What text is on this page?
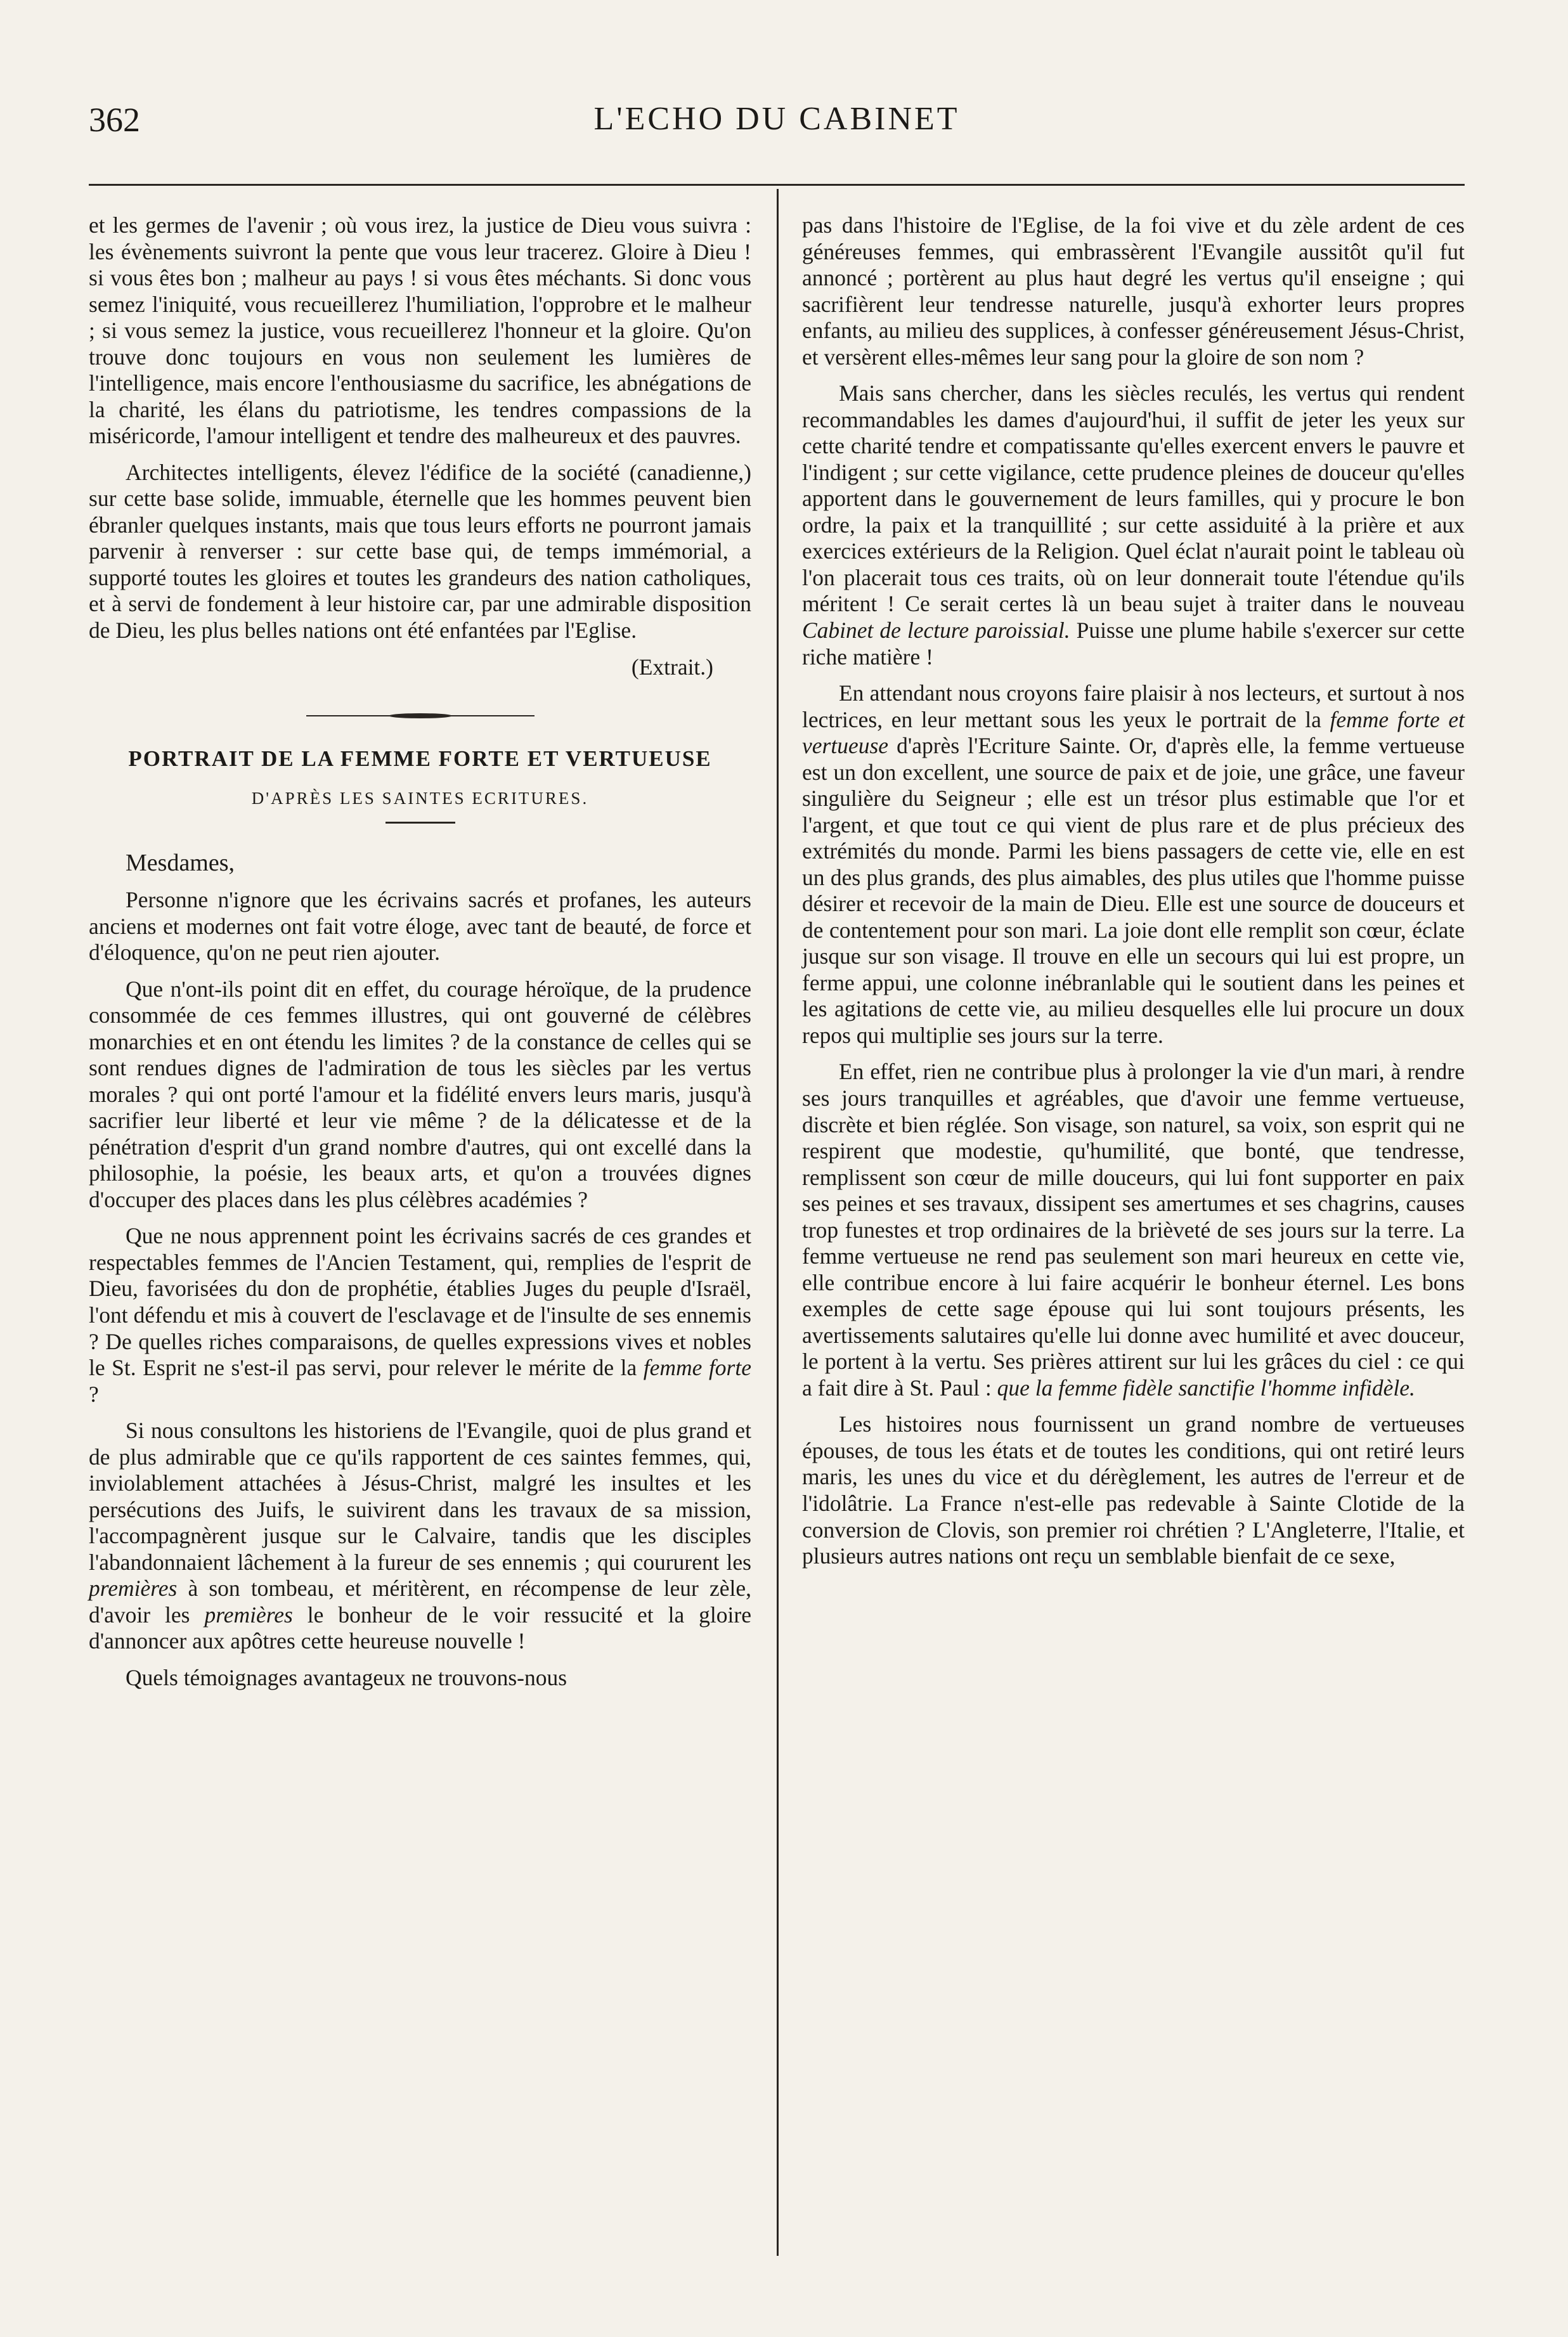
362	L'ECHO DU CABINET

et les germes de l'avenir ; où vous irez, la justice de Dieu vous suivra : les évènements suivront la pente que vous leur tracerez. Gloire à Dieu ! si vous êtes bon ; malheur au pays ! si vous êtes méchants. Si donc vous semez l'iniquité, vous recueillerez l'humiliation, l'opprobre et le malheur ; si vous semez la justice, vous recueillerez l'honneur et la gloire. Qu'on trouve donc toujours en vous non seulement les lumières de l'intelligence, mais encore l'enthousiasme du sacrifice, les abnégations de la charité, les élans du patriotisme, les tendres compassions de la miséricorde, l'amour intelligent et tendre des malheureux et des pauvres.

Architectes intelligents, élevez l'édifice de la société (canadienne,) sur cette base solide, immuable, éternelle que les hommes peuvent bien ébranler quelques instants, mais que tous leurs efforts ne pourront jamais parvenir à renverser : sur cette base qui, de temps immémorial, a supporté toutes les gloires et toutes les grandeurs des nation catholiques, et à servi de fondement à leur histoire car, par une admirable disposition de Dieu, les plus belles nations ont été enfantées par l'Eglise.

(Extrait.)
PORTRAIT DE LA FEMME FORTE ET VERTUEUSE
D'APRÈS LES SAINTES ECRITURES.

Mesdames,

Personne n'ignore que les écrivains sacrés et profanes, les auteurs anciens et modernes ont fait votre éloge, avec tant de beauté, de force et d'éloquence, qu'on ne peut rien ajouter.

Que n'ont-ils point dit en effet, du courage héroïque, de la prudence consommée de ces femmes illustres, qui ont gouverné de célèbres monarchies et en ont étendu les limites ? de la constance de celles qui se sont rendues dignes de l'admiration de tous les siècles par les vertus morales ? qui ont porté l'amour et la fidélité envers leurs maris, jusqu'à sacrifier leur liberté et leur vie même ? de la délicatesse et de la pénétration d'esprit d'un grand nombre d'autres, qui ont excellé dans la philosophie, la poésie, les beaux arts, et qu'on a trouvées dignes d'occuper des places dans les plus célèbres académies ?

Que ne nous apprennent point les écrivains sacrés de ces grandes et respectables femmes de l'Ancien Testament, qui, remplies de l'esprit de Dieu, favorisées du don de prophétie, établies Juges du peuple d'Israël, l'ont défendu et mis à couvert de l'esclavage et de l'insulte de ses ennemis ? De quelles riches comparaisons, de quelles expressions vives et nobles le St. Esprit ne s'est-il pas servi, pour relever le mérite de la femme forte ?

Si nous consultons les historiens de l'Evangile, quoi de plus grand et de plus admirable que ce qu'ils rapportent de ces saintes femmes, qui, inviolablement attachées à Jésus-Christ, malgré les insultes et les persécutions des Juifs, le suivirent dans les travaux de sa mission, l'accompagnèrent jusque sur le Calvaire, tandis que les disciples l'abandonnaient lâchement à la fureur de ses ennemis ; qui coururent les premières à son tombeau, et méritèrent, en récompense de leur zèle, d'avoir les premières le bonheur de le voir ressucité et la gloire d'annoncer aux apôtres cette heureuse nouvelle !

Quels témoignages avantageux ne trouvons-nous

pas dans l'histoire de l'Eglise, de la foi vive et du zèle ardent de ces généreuses femmes, qui embrassèrent l'Evangile aussitôt qu'il fut annoncé ; portèrent au plus haut degré les vertus qu'il enseigne ; qui sacrifièrent leur tendresse naturelle, jusqu'à exhorter leurs propres enfants, au milieu des supplices, à confesser généreusement Jésus-Christ, et versèrent elles-mêmes leur sang pour la gloire de son nom ?

Mais sans chercher, dans les siècles reculés, les vertus qui rendent recommandables les dames d'aujourd'hui, il suffit de jeter les yeux sur cette charité tendre et compatissante qu'elles exercent envers le pauvre et l'indigent ; sur cette vigilance, cette prudence pleines de douceur qu'elles apportent dans le gouvernement de leurs familles, qui y procure le bon ordre, la paix et la tranquillité ; sur cette assiduité à la prière et aux exercices extérieurs de la Religion. Quel éclat n'aurait point le tableau où l'on placerait tous ces traits, où on leur donnerait toute l'étendue qu'ils méritent ! Ce serait certes là un beau sujet à traiter dans le nouveau Cabinet de lecture paroissial. Puisse une plume habile s'exercer sur cette riche matière !

En attendant nous croyons faire plaisir à nos lecteurs, et surtout à nos lectrices, en leur mettant sous les yeux le portrait de la femme forte et vertueuse d'après l'Ecriture Sainte. Or, d'après elle, la femme vertueuse est un don excellent, une source de paix et de joie, une grâce, une faveur singulière du Seigneur ; elle est un trésor plus estimable que l'or et l'argent, et que tout ce qui vient de plus rare et de plus précieux des extrémités du monde. Parmi les biens passagers de cette vie, elle en est un des plus grands, des plus aimables, des plus utiles que l'homme puisse désirer et recevoir de la main de Dieu. Elle est une source de douceurs et de contentement pour son mari. La joie dont elle remplit son cœur, éclate jusque sur son visage. Il trouve en elle un secours qui lui est propre, un ferme appui, une colonne inébranlable qui le soutient dans les peines et les agitations de cette vie, au milieu desquelles elle lui procure un doux repos qui multiplie ses jours sur la terre.

En effet, rien ne contribue plus à prolonger la vie d'un mari, à rendre ses jours tranquilles et agréables, que d'avoir une femme vertueuse, discrète et bien réglée. Son visage, son naturel, sa voix, son esprit qui ne respirent que modestie, qu'humilité, que bonté, que tendresse, remplissent son cœur de mille douceurs, qui lui font supporter en paix ses peines et ses travaux, dissipent ses amertumes et ses chagrins, causes trop funestes et trop ordinaires de la brièveté de ses jours sur la terre. La femme vertueuse ne rend pas seulement son mari heureux en cette vie, elle contribue encore à lui faire acquérir le bonheur éternel. Les bons exemples de cette sage épouse qui lui sont toujours présents, les avertissements salutaires qu'elle lui donne avec humilité et avec douceur, le portent à la vertu. Ses prières attirent sur lui les grâces du ciel : ce qui a fait dire à St. Paul : que la femme fidèle sanctifie l'homme infidèle.

Les histoires nous fournissent un grand nombre de vertueuses épouses, de tous les états et de toutes les conditions, qui ont retiré leurs maris, les unes du vice et du dérèglement, les autres de l'erreur et de l'idolâtrie. La France n'est-elle pas redevable à Sainte Clotide de la conversion de Clovis, son premier roi chrétien ? L'Angleterre, l'Italie, et plusieurs autres nations ont reçu un semblable bienfait de ce sexe,
